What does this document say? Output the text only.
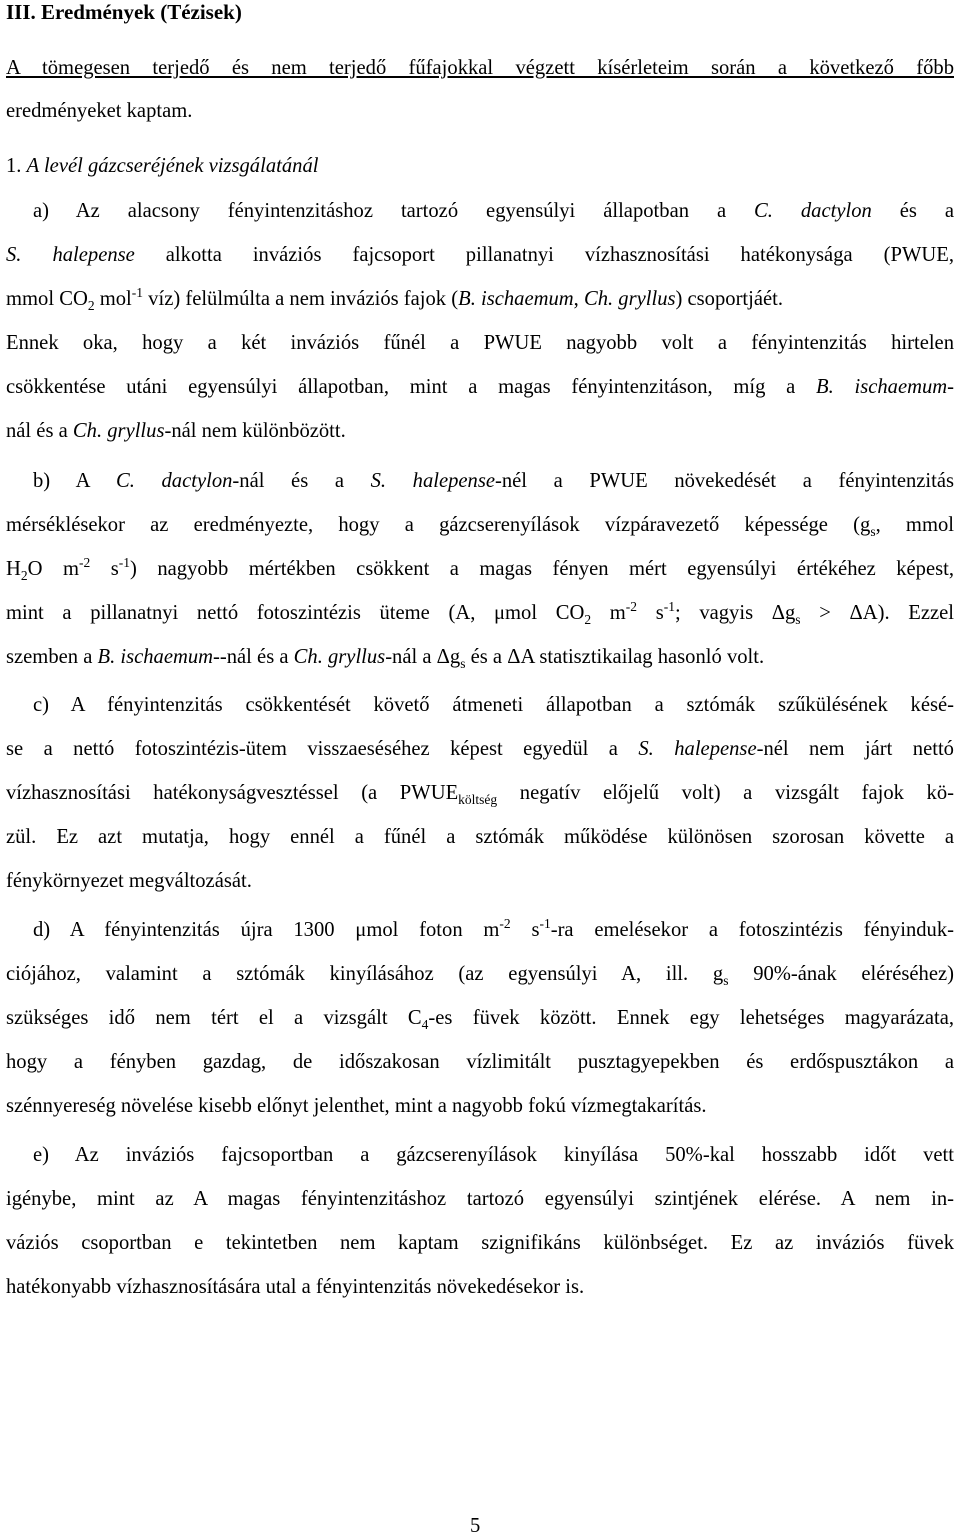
III. Eredmények (Tézisek)
A tömegesen terjedő és nem terjedő fűfajokkal végzett kísérleteim során a következő főbb
eredményeket kaptam.
1. A levél gázcseréjének vizsgálatánál
a) Az alacsony fényintenzitáshoz tartozó egyensúlyi állapotban a C. dactylon és a
S. halepense alkotta inváziós fajcsoport pillanatnyi vízhasznosítási hatékonysága (PWUE,
mmol $CO_2$ mol$^{-1}$ víz) felülmúlta a nem inváziós fajok (B. ischaemum, Ch. gryllus) csoportjáét.
Ennek oka, hogy a két inváziós fűnél a PWUE nagyobb volt a fényintenzitás hirtelen
csökkentése utáni egyensúlyi állapotban, mint a magas fényintenzitáson, míg a B. ischaemum-
nál és a Ch. gryllus-nál nem különbözött.
b) A C. dactylon-nál és a S. halepense-nél a PWUE növekedését a fényintenzitás
mérséklésekor az eredményezte, hogy a gázcserenyílások vízpáravezető képessége ($g_s$, mmol
$H_2O$ $m^{-2}$ $s^{-1}$) nagyobb mértékben csökkent a magas fényen mért egyensúlyi értékéhez képest,
mint a pillanatnyi nettó fotoszintézis üteme (A, μmol $CO_2$ $m^{-2}$ $s^{-1}$; vagyis $\Delta g_s > \Delta A$). Ezzel
szemben a B. ischaemum--nál és a Ch. gryllus-nál a $\Delta g_s$ és a ΔA statisztikailag hasonló volt.
c) A fényintenzitás csökkentését követő átmeneti állapotban a sztómák szűkülésének késé-
se a nettó fotoszintézis-ütem visszaeséséhez képest egyedül a S. halepense-nél nem járt nettó
vízhasznosítási hatékonyságvesztéssel (a $PWUE_{költség}$ negatív előjelű volt) a vizsgált fajok kö-
zül. Ez azt mutatja, hogy ennél a fűnél a sztómák működése különösen szorosan követte a
fénykörnyezet megváltozását.
d) A fényintenzitás újra 1300 μmol foton $m^{-2}$ $s^{-1}-ra$ emelésekor a fotoszintézis fényinduk-
ciójához, valamint a sztómák kinyílásához (az egyensúlyi A, ill. $g_s$ 90%-ának eléréséhez)
szükséges idő nem tért el a vizsgált $C_4-es$ füvek között. Ennek egy lehetséges magyarázata,
hogy a fényben gazdag, de időszakosan vízlimitált pusztagyepekben és erdőspusztákon a
szénnyereség növelése kisebb előnyt jelenthet, mint a nagyobb fokú vízmegtakarítás.
e) Az inváziós fajcsoportban a gázcserenyílások kinyílása 50%-kal hosszabb időt vett
igénybe, mint az A magas fényintenzitáshoz tartozó egyensúlyi szintjének elérése. A nem in-
váziós csoportban e tekintetben nem kaptam szignifikáns különbséget. Ez az inváziós füvek
hatékonyabb vízhasznosítására utal a fényintenzitás növekedésekor is.
5
